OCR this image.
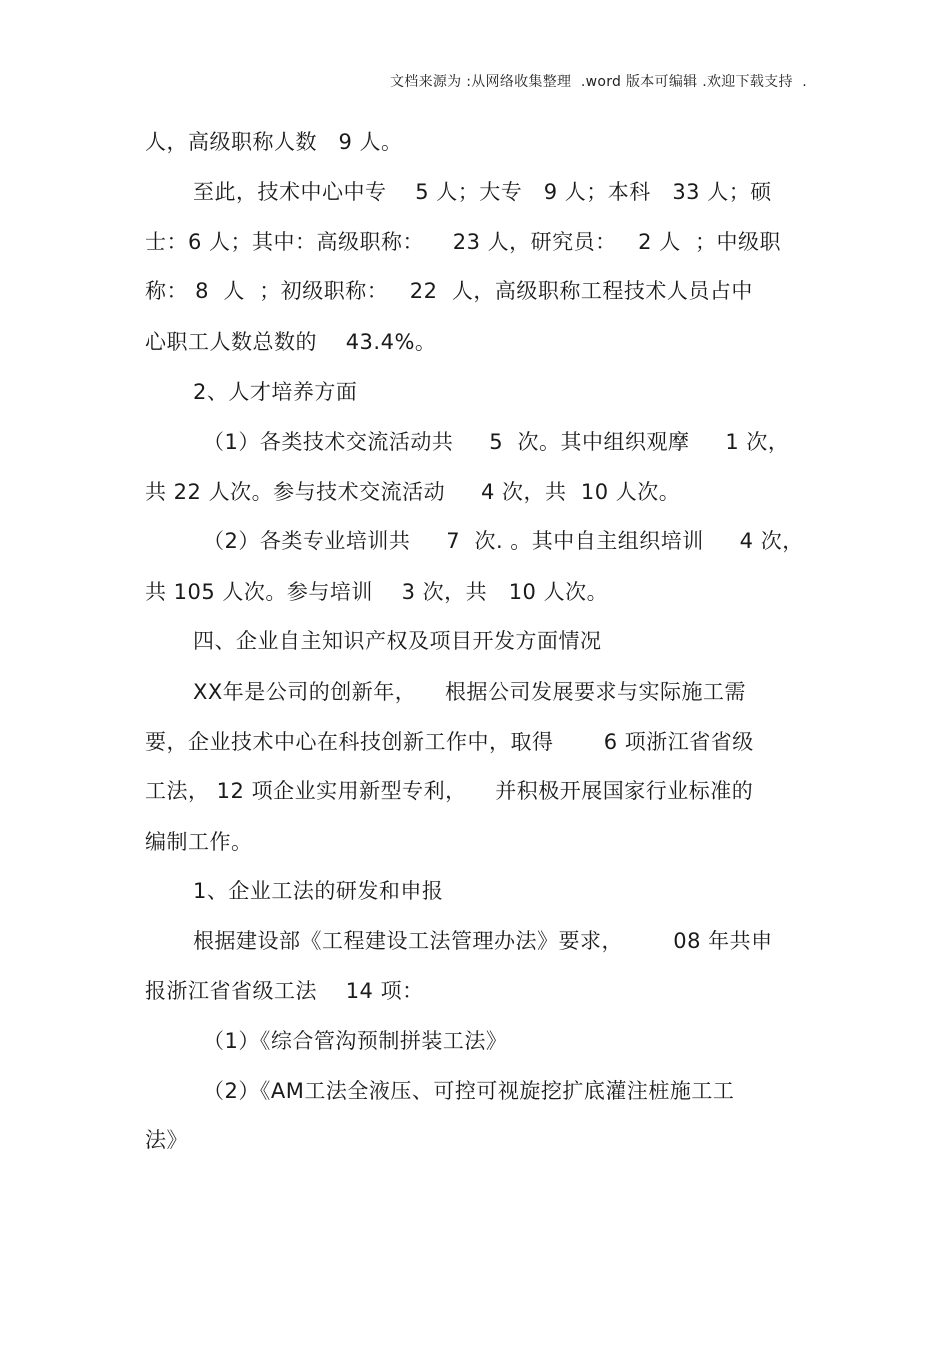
文档来源为 :从网络收集整理  .word 版本可编辑 .欢迎下载支持  .
人，高级职称人数   9 人。
至此，技术中心中专    5 人；大专   9 人；本科   33 人；硕
士：6 人；其中：高级职称：    23 人，研究员：   2 人  ；中级职
称： 8  人  ；初级职称：   22  人，高级职称工程技术人员占中
心职工人数总数的    43.4%。
2、人才培养方面
（1）各类技术交流活动共     5  次。其中组织观摩     1 次，
共 22 人次。参与技术交流活动     4 次，共  10 人次。
（2）各类专业培训共     7  次. 。其中自主组织培训     4 次，
共 105 人次。参与培训    3 次，共   10 人次。
四、企业自主知识产权及项目开发方面情况
XX年是公司的创新年，    根据公司发展要求与实际施工需
要，企业技术中心在科技创新工作中，取得       6 项浙江省省级
工法， 12 项企业实用新型专利，    并积极开展国家行业标准的
编制工作。
1、企业工法的研发和申报
根据建设部《工程建设工法管理办法》要求，       08 年共申
报浙江省省级工法    14 项：
（1）《综合管沟预制拼装工法》
（2）《AM工法全液压、可控可视旋挖扩底灌注桩施工工
法》
